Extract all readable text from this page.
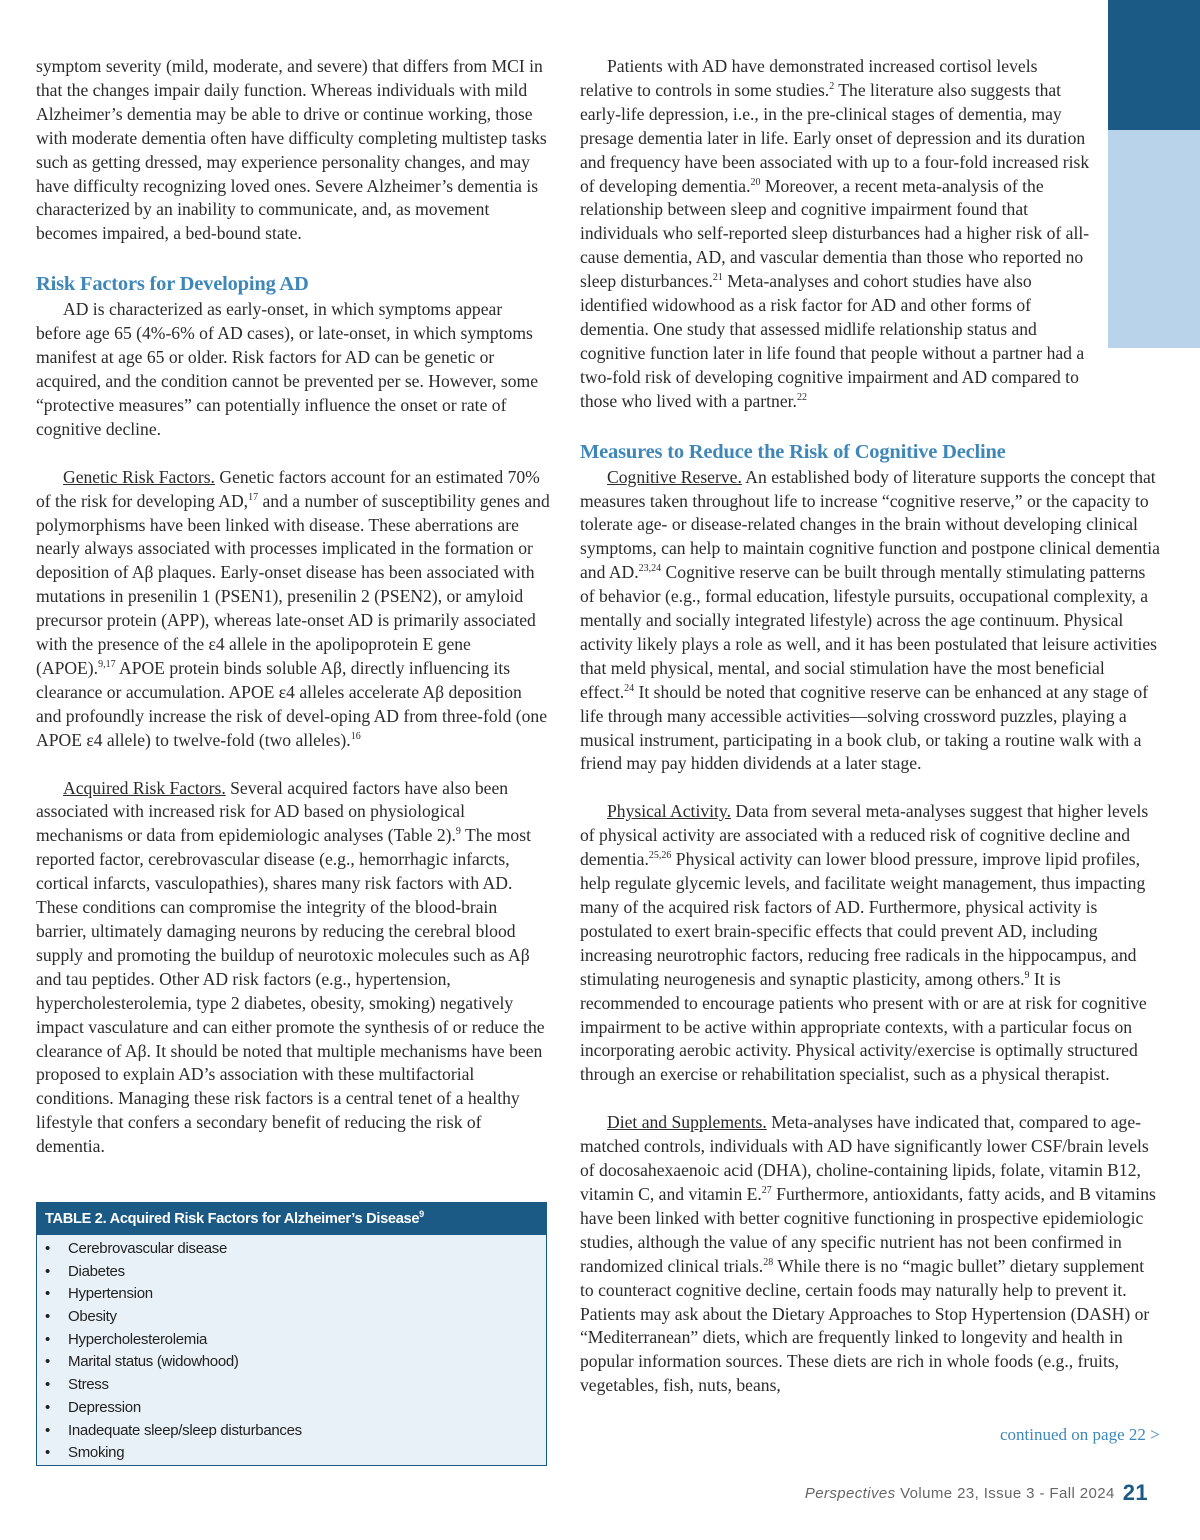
symptom severity (mild, moderate, and severe) that differs from MCI in that the changes impair daily function. Whereas individuals with mild Alzheimer’s dementia may be able to drive or continue working, those with moderate dementia often have difficulty completing multistep tasks such as getting dressed, may experience personality changes, and may have difficulty recognizing loved ones. Severe Alzheimer’s dementia is characterized by an inability to communicate, and, as movement becomes impaired, a bed-bound state.

Risk Factors for Developing AD

AD is characterized as early-onset, in which symptoms appear before age 65 (4%-6% of AD cases), or late-onset, in which symptoms manifest at age 65 or older. Risk factors for AD can be genetic or acquired, and the condition cannot be prevented per se. However, some “protective measures” can potentially influence the onset or rate of cognitive decline.

Genetic Risk Factors. Genetic factors account for an estimated 70% of the risk for developing AD,$^{17}$ and a number of susceptibility genes and polymorphisms have been linked with disease. These aberrations are nearly always associated with processes implicated in the formation or deposition of Aβ plaques. Early-onset disease has been associated with mutations in presenilin 1 (PSEN1), presenilin 2 (PSEN2), or amyloid precursor protein (APP), whereas late-onset AD is primarily associated with the presence of the ε4 allele in the apolipoprotein E gene (APOE).$^{9,17}$ APOE protein binds soluble Aβ, directly influencing its clearance or accumulation. APOE ε4 alleles accelerate Aβ deposition and profoundly increase the risk of devel-oping AD from three-fold (one APOE ε4 allele) to twelve-fold (two alleles).$^{16}$

Acquired Risk Factors. Several acquired factors have also been associated with increased risk for AD based on physiological mechanisms or data from epidemiologic analyses (Table 2).$^9$ The most reported factor, cerebrovascular disease (e.g., hemorrhagic infarcts, cortical infarcts, vasculopathies), shares many risk factors with AD. These conditions can compromise the integrity of the blood-brain barrier, ultimately damaging neurons by reducing the cerebral blood supply and promoting the buildup of neurotoxic molecules such as Aβ and tau peptides. Other AD risk factors (e.g., hypertension, hypercholesterolemia, type 2 diabetes, obesity, smoking) negatively impact vasculature and can either promote the synthesis of or reduce the clearance of Aβ. It should be noted that multiple mechanisms have been proposed to explain AD’s association with these multifactorial conditions. Managing these risk factors is a central tenet of a healthy lifestyle that confers a secondary benefit of reducing the risk of dementia.

TABLE 2. Acquired Risk Factors for Alzheimer’s Disease$^9$
• Cerebrovascular disease
• Diabetes
• Hypertension
• Obesity
• Hypercholesterolemia
• Marital status (widowhood)
• Stress
• Depression
• Inadequate sleep/sleep disturbances
• Smoking

Patients with AD have demonstrated increased cortisol levels relative to controls in some studies.$^2$ The literature also suggests that early-life depression, i.e., in the pre-clinical stages of dementia, may presage dementia later in life. Early onset of depression and its duration and frequency have been associated with up to a four-fold increased risk of developing dementia.$^{20}$ Moreover, a recent meta-analysis of the relationship between sleep and cognitive impairment found that individuals who self-reported sleep disturbances had a higher risk of all-cause dementia, AD, and vascular dementia than those who reported no sleep disturbances.$^{21}$ Meta-analyses and cohort studies have also identified widowhood as a risk factor for AD and other forms of dementia. One study that assessed midlife relationship status and cognitive function later in life found that people without a partner had a two-fold risk of developing cognitive impairment and AD compared to those who lived with a partner.$^{22}$

Measures to Reduce the Risk of Cognitive Decline

Cognitive Reserve. An established body of literature supports the concept that measures taken throughout life to increase “cognitive reserve,” or the capacity to tolerate age- or disease-related changes in the brain without developing clinical symptoms, can help to maintain cognitive function and postpone clinical dementia and AD.$^{23,24}$ Cognitive reserve can be built through mentally stimulating patterns of behavior (e.g., formal education, lifestyle pursuits, occupational complexity, a mentally and socially integrated lifestyle) across the age continuum. Physical activity likely plays a role as well, and it has been postulated that leisure activities that meld physical, mental, and social stimulation have the most beneficial effect.$^{24}$ It should be noted that cognitive reserve can be enhanced at any stage of life through many accessible activities—solving crossword puzzles, playing a musical instrument, participating in a book club, or taking a routine walk with a friend may pay hidden dividends at a later stage.

Physical Activity. Data from several meta-analyses suggest that higher levels of physical activity are associated with a reduced risk of cognitive decline and dementia.$^{25,26}$ Physical activity can lower blood pressure, improve lipid profiles, help regulate glycemic levels, and facilitate weight management, thus impacting many of the acquired risk factors of AD. Furthermore, physical activity is postulated to exert brain-specific effects that could prevent AD, including increasing neurotrophic factors, reducing free radicals in the hippocampus, and stimulating neurogenesis and synaptic plasticity, among others.$^9$ It is recommended to encourage patients who present with or are at risk for cognitive impairment to be active within appropriate contexts, with a particular focus on incorporating aerobic activity. Physical activity/exercise is optimally structured through an exercise or rehabilitation specialist, such as a physical therapist.

Diet and Supplements. Meta-analyses have indicated that, compared to age-matched controls, individuals with AD have significantly lower CSF/brain levels of docosahexaenoic acid (DHA), choline-containing lipids, folate, vitamin B12, vitamin C, and vitamin E.$^{27}$ Furthermore, antioxidants, fatty acids, and B vitamins have been linked with better cognitive functioning in prospective epidemiologic studies, although the value of any specific nutrient has not been confirmed in randomized clinical trials.$^{28}$ While there is no “magic bullet” dietary supplement to counteract cognitive decline, certain foods may naturally help to prevent it. Patients may ask about the Dietary Approaches to Stop Hypertension (DASH) or “Mediterranean” diets, which are frequently linked to longevity and health in popular information sources. These diets are rich in whole foods (e.g., fruits, vegetables, fish, nuts, beans,

continued on page 22 >
Perspectives Volume 23, Issue 3 - Fall 2024 21
